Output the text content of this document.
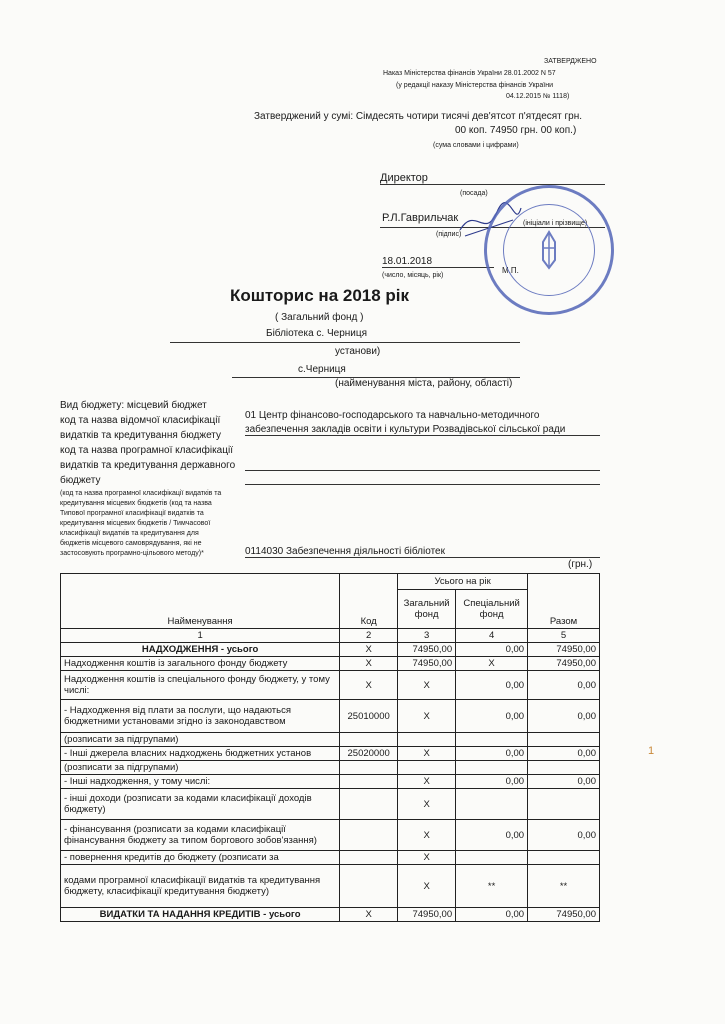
ЗАТВЕРДЖЕНО
Наказ Міністерства фінансів України 28.01.2002 N 57
(у редакції наказу Міністерства фінансів України
04.12.2015 № 1118)
Затверджений у сумі: Сімдесять чотири тисячі дев'ятсот п'ятдесят грн.
00 коп. 74950 грн. 00 коп.)
(сума словами і цифрами)
Директор
(посада)
Р.Л.Гаврильчак
(підпис)
(ініціали і прізвище)
18.01.2018
(число, місяць, рік)
М.П.
Кошторис на 2018 рік
( Загальний фонд )
Бібліотека с. Черниця
установи)
с.Черниця
(найменування міста, району, області)
Вид бюджету: місцевий бюджет
код та назва відомчої класифікації
видатків та кредитування бюджету
код та назва програмної класифікації
видатків та кредитування державного
бюджету
01 Центр фінансово-господарського та навчально-методичного
забезпечення закладів освіти і культури Розвадівської сільської ради
(код та назва програмної класифікації видатків та
кредитування місцевих бюджетів (код та назва
Типової програмної класифікації видатків та
кредитування місцевих бюджетів / Тимчасової
класифікації видатків та кредитування для
бюджетів місцевого самоврядування, які не
застосовують програмно-цільового методу)*	0114030 Забезпечення діяльності бібліотек
(грн.)
1
Найменування	Код	Усього на рік		Разом
		Загальний фонд	Спеціальний фонд	
1	2	3	4	5
НАДХОДЖЕННЯ - усього	Х	74950,00	0,00	74950,00
Надходження коштів із загального фонду бюджету	Х	74950,00	Х	74950,00
Надходження коштів із спеціального фонду бюджету, у тому числі:	Х	Х	0,00	0,00
- Надходження від плати за послуги, що надаються бюджетними установами згідно із законодавством	25010000	Х	0,00	0,00
(розписати за підгрупами)				
- Інші джерела власних надходжень бюджетних установ	25020000	Х	0,00	0,00
(розписати за підгрупами)				
- Інші надходження, у тому числі:		Х	0,00	0,00
- інші доходи (розписати за кодами класифікації доходів бюджету)		Х		
- фінансування (розписати за кодами класифікації фінансування бюджету за типом боргового зобов'язання)		Х	0,00	0,00
- повернення кредитів до бюджету (розписати за		Х		
кодами програмної класифікації видатків та кредитування бюджету, класифікації кредитування бюджету)		Х	**	**
ВИДАТКИ ТА НАДАННЯ КРЕДИТІВ - усього	Х	74950,00	0,00	74950,00
